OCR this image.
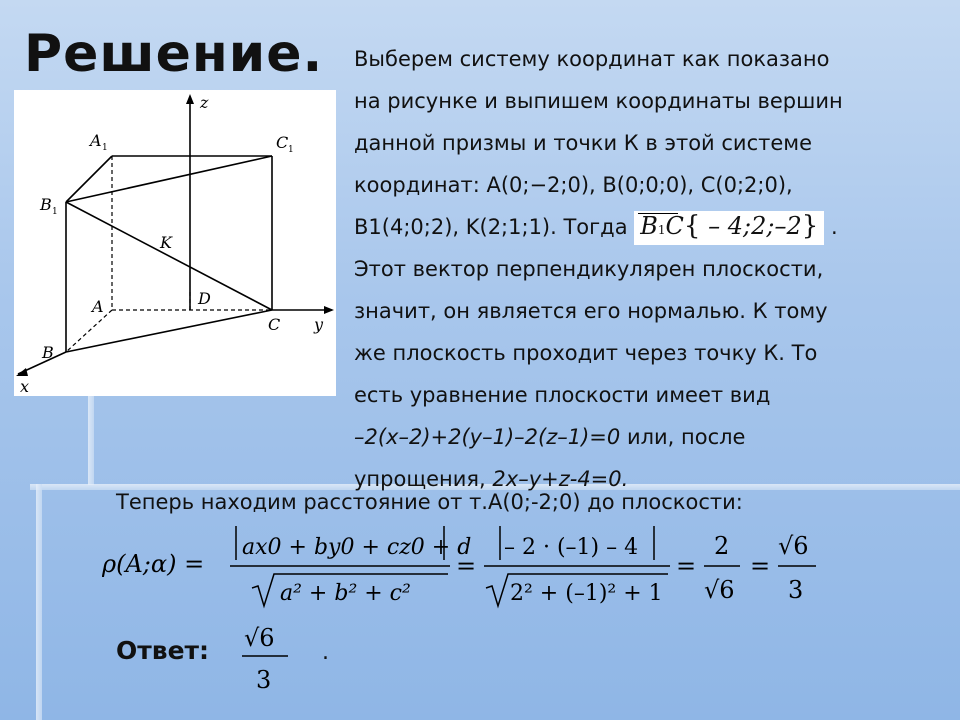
Решение.
z
y
x
A 1	C 1
B 1
K
A	D
C
B
Выберем систему координат как показано
на рисунке и выпишем координаты вершин
данной призмы и точки К в этой системе
координат: A(0;−2;0), B(0;0;0), C(0;2;0),
B1(4;0;2), K(2;1;1). Тогда B1C{ – 4;2;–2} .
Этот вектор перпендикулярен плоскости,
значит, он является его нормалью. К тому
же плоскость проходит через точку К. То
есть уравнение плоскости имеет вид
–2(x–2)+2(y–1)–2(z–1)=0 или, после
упрощения, 2x–y+z-4=0.
Теперь находим расстояние от т.A(0;-2;0) до плоскости:
ρ(A;α) =
ax0 + by0 + cz0 + d
a² + b² + c²
=
– 2 · (–1) – 4
2² + (–1)² + 1
=
2
√6
=
√6
3
Ответ: √6
3
.
